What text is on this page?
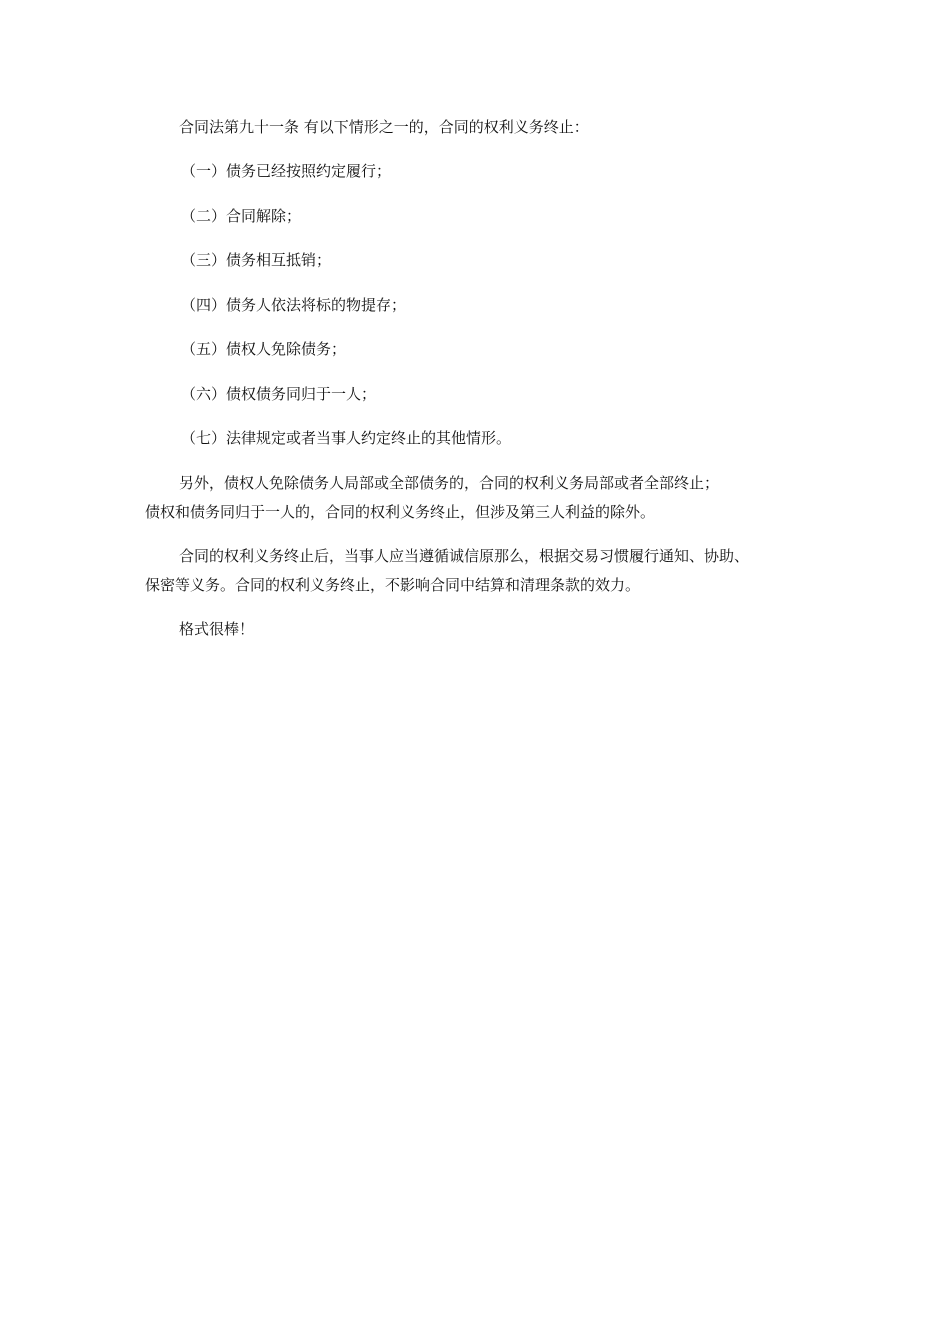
合同法第九十一条 有以下情形之一的，合同的权利义务终止：
（一）债务已经按照约定履行；
（二）合同解除；
（三）债务相互抵销；
（四）债务人依法将标的物提存；
（五）债权人免除债务；
（六）债权债务同归于一人；
（七）法律规定或者当事人约定终止的其他情形。
另外，债权人免除债务人局部或全部债务的，合同的权利义务局部或者全部终止；
债权和债务同归于一人的，合同的权利义务终止，但涉及第三人利益的除外。
合同的权利义务终止后，当事人应当遵循诚信原那么，根据交易习惯履行通知、协助、
保密等义务。合同的权利义务终止，不影响合同中结算和清理条款的效力。
格式很棒！
